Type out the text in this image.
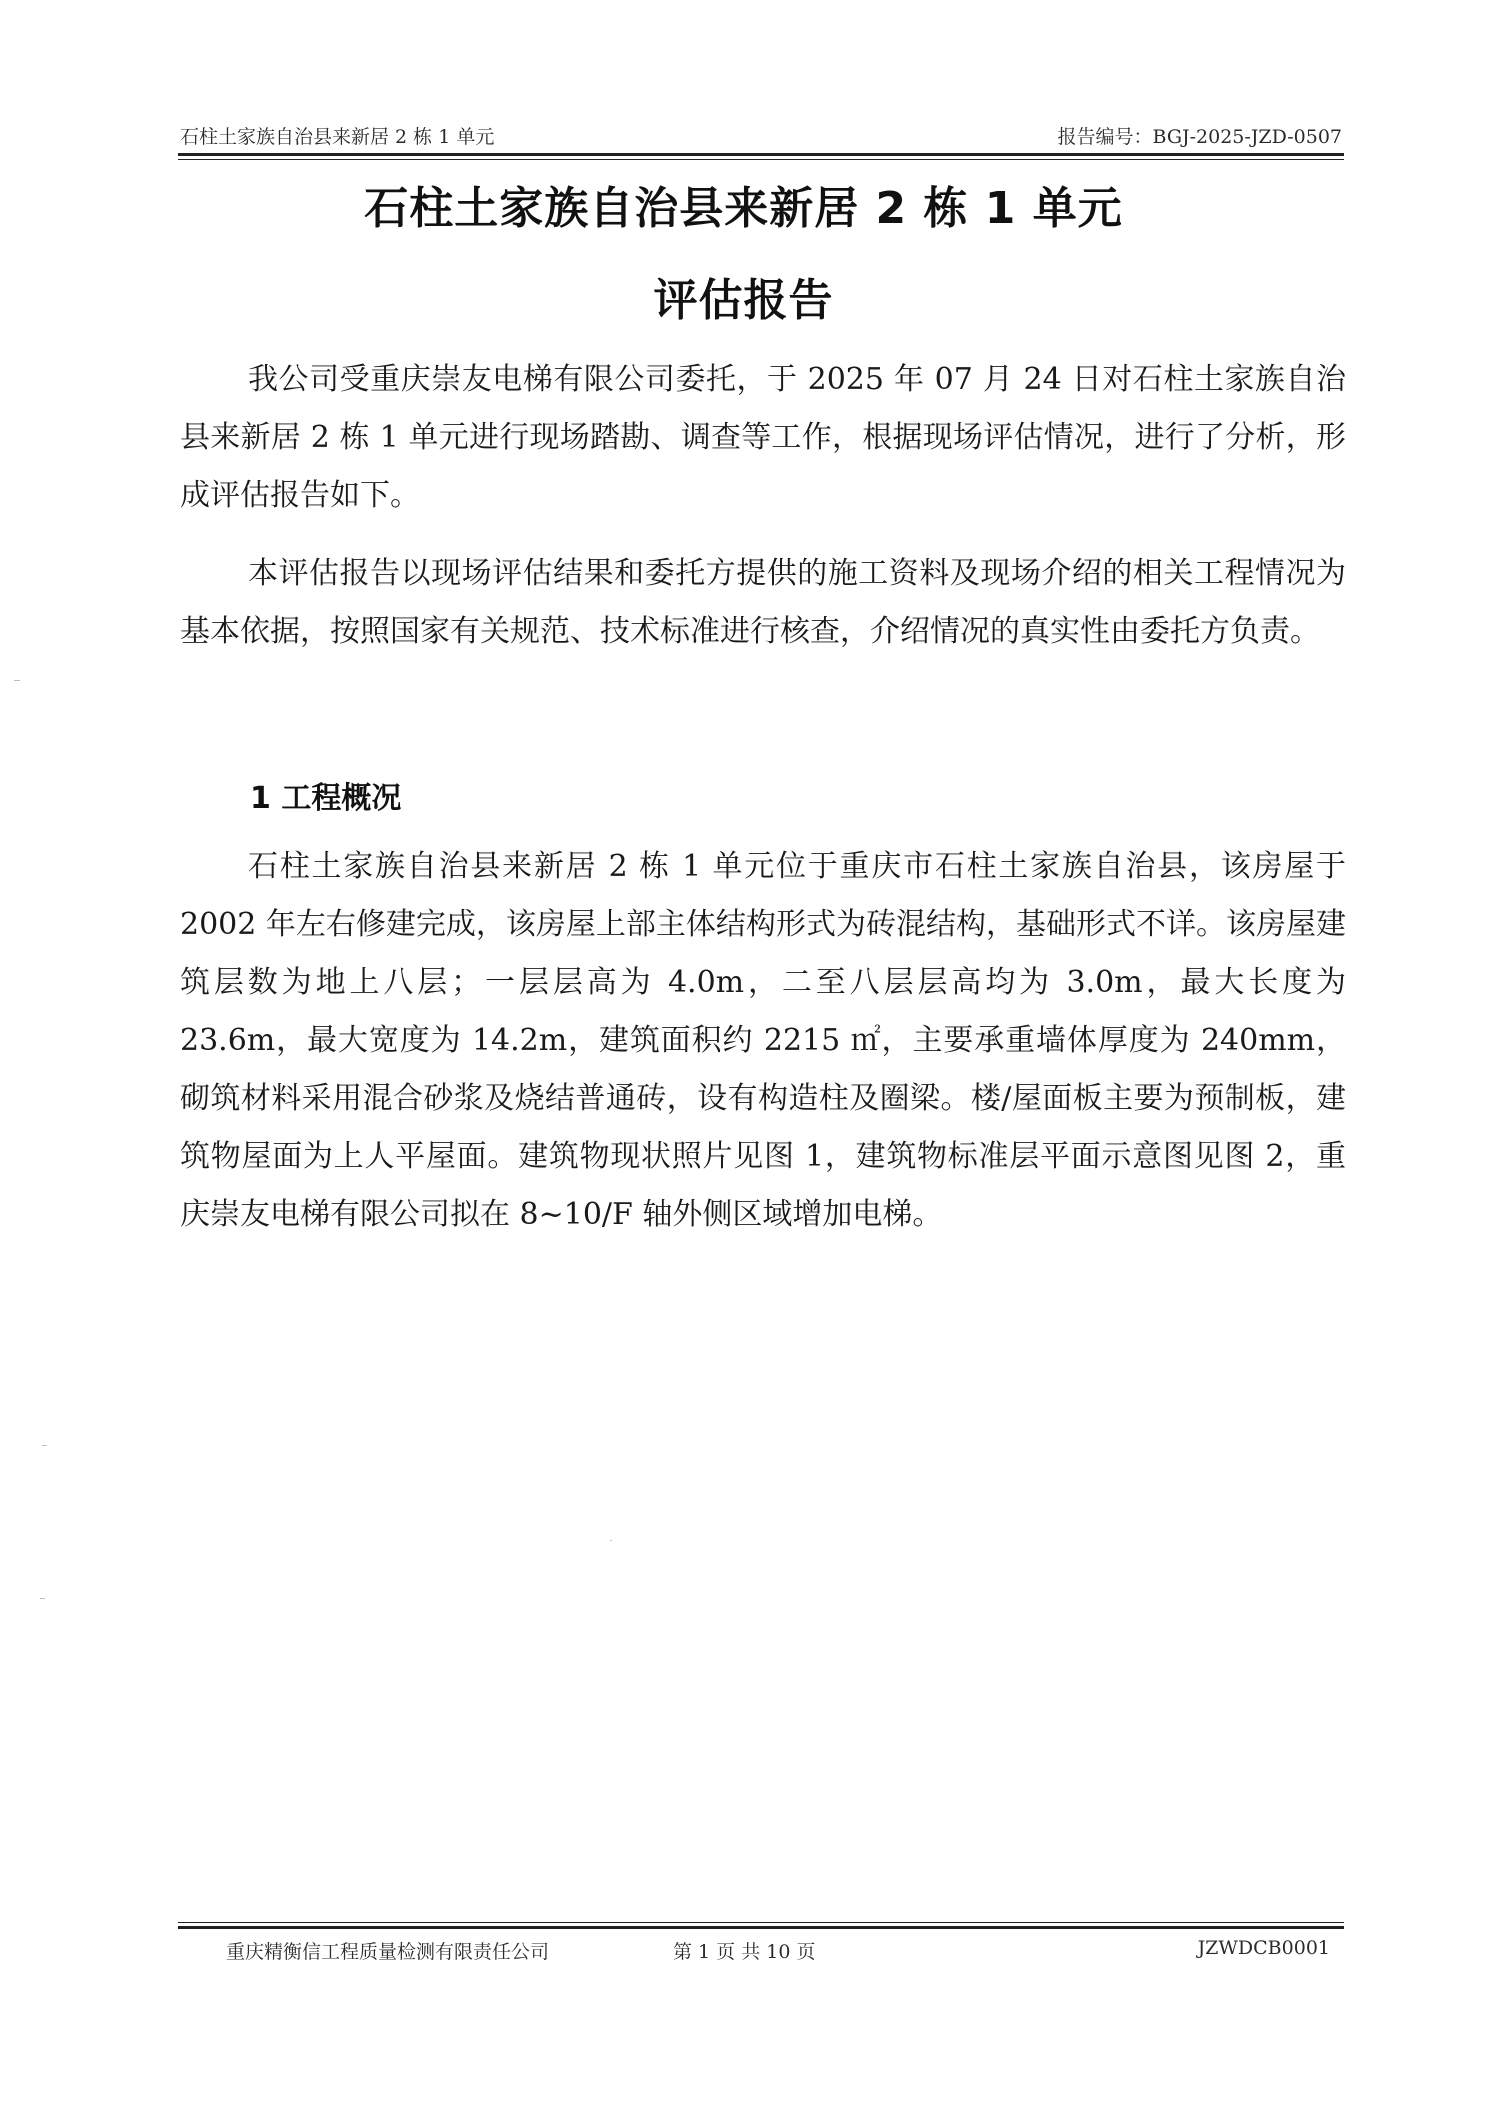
石柱土家族自治县来新居 2 栋 1 单元	报告编号：BGJ-2025-JZD-0507
石柱土家族自治县来新居 2 栋 1 单元
评估报告
我公司受重庆崇友电梯有限公司委托，于 2025 年 07 月 24 日对石柱土家族自治县来新居 2 栋 1 单元进行现场踏勘、调查等工作，根据现场评估情况，进行了分析，形成评估报告如下。
本评估报告以现场评估结果和委托方提供的施工资料及现场介绍的相关工程情况为基本依据，按照国家有关规范、技术标准进行核查，介绍情况的真实性由委托方负责。
1 工程概况
石柱土家族自治县来新居 2 栋 1 单元位于重庆市石柱土家族自治县，该房屋于 2002 年左右修建完成，该房屋上部主体结构形式为砖混结构，基础形式不详。该房屋建筑层数为地上八层；一层层高为 4.0m，二至八层层高均为 3.0m，最大长度为 23.6m，最大宽度为 14.2m，建筑面积约 2215 ㎡，主要承重墙体厚度为 240mm，砌筑材料采用混合砂浆及烧结普通砖，设有构造柱及圈梁。楼/屋面板主要为预制板，建筑物屋面为上人平屋面。建筑物现状照片见图 1，建筑物标准层平面示意图见图 2，重庆崇友电梯有限公司拟在 8~10/F 轴外侧区域增加电梯。
重庆精衡信工程质量检测有限责任公司	第 1 页 共 10 页	JZWDCB0001
